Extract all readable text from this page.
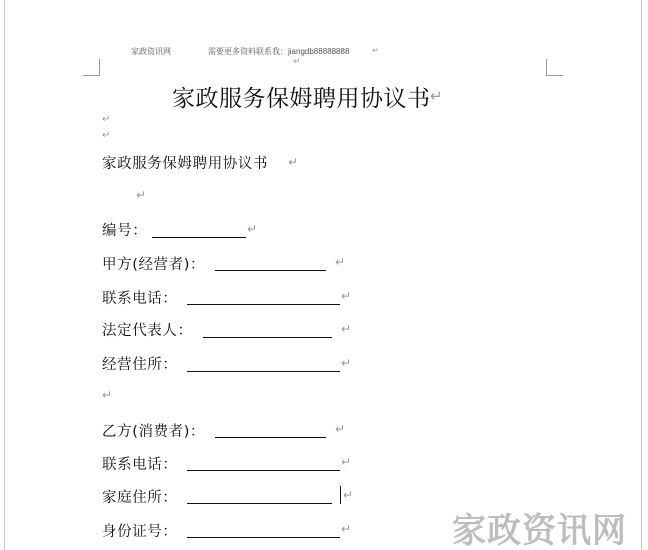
家政资讯网	需要更多资料联系我：jiangdb88888888	↵
↵
家政服务保姆聘用协议书 ↵
↵
↵
家政服务保姆聘用协议书 ↵
↵
编号：	↵
甲方(经营者)：	↵
联系电话：	↵
法定代表人：	↵
经营住所：	↵
↵
乙方(消费者)：	↵
联系电话：	↵
家庭住所：	↵
身份证号：	↵	家政资讯网
